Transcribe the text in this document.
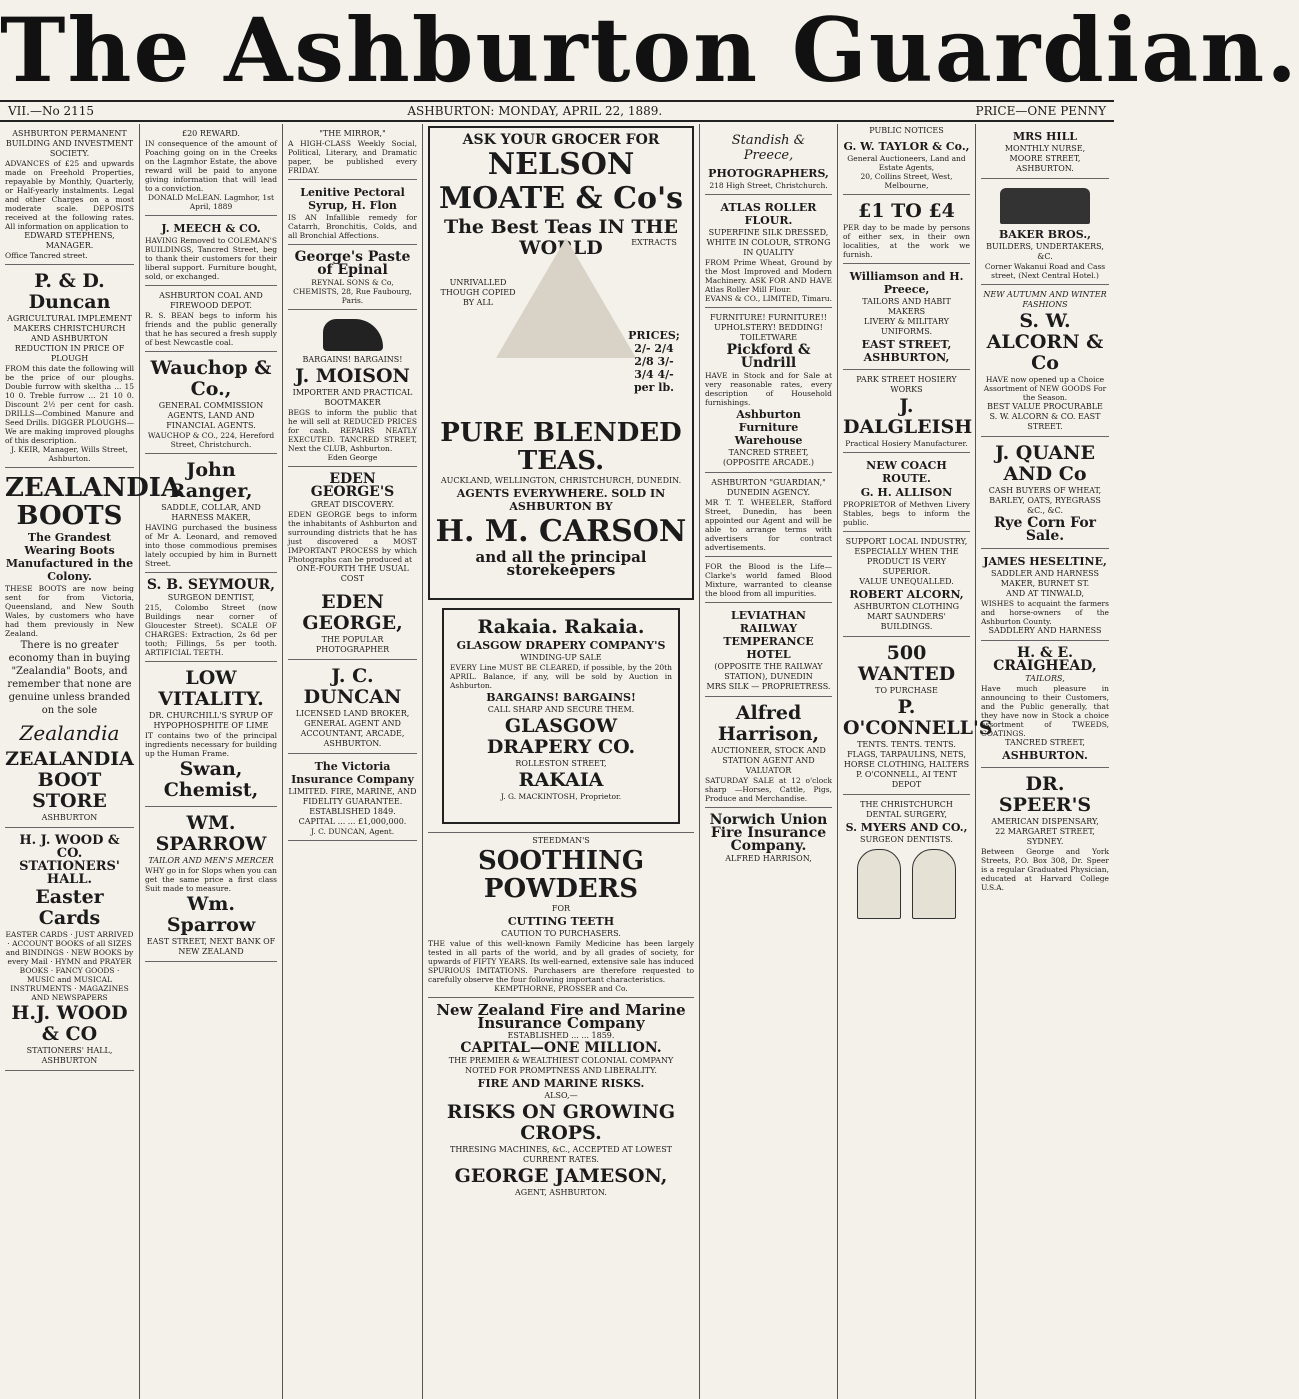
The Ashburton Guardian.
VII.—No 2115	ASHBURTON: MONDAY, APRIL 22, 1889.	PRICE—ONE PENNY
ASHBURTON PERMANENT BUILDING AND INVESTMENT SOCIETY.
ADVANCES of £25 and upwards made on Freehold Properties, repayable by Monthly, Quarterly, or Half-yearly instalments. Legal and other Charges on a most moderate scale. DEPOSITS received at the following rates. All information on application to
EDWARD STEPHENS, MANAGER.
Office Tancred street.
P. & D. Duncan
AGRICULTURAL IMPLEMENT MAKERS CHRISTCHURCH AND ASHBURTON
REDUCTION IN PRICE OF PLOUGH
FROM this date the following will be the price of our ploughs. Double furrow with skeltha ... 15 10 0. Treble furrow ... 21 10 0. Discount 2½ per cent for cash. DRILLS—Combined Manure and Seed Drills. DIGGER PLOUGHS—We are making improved ploughs of this description.
J. KEIR, Manager, Wills Street, Ashburton.
ZEALANDIA BOOTS
The Grandest Wearing Boots Manufactured in the Colony.
THESE BOOTS are now being sent for from Victoria, Queensland, and New South Wales, by customers who have had them previously in New Zealand.
There is no greater economy than in buying "Zealandia" Boots, and remember that none are genuine unless branded on the sole
Zealandia
ZEALANDIA BOOT STORE
ASHBURTON
H. J. WOOD & CO. STATIONERS' HALL.
Easter Cards
EASTER CARDS · JUST ARRIVED · ACCOUNT BOOKS of all SIZES and BINDINGS · NEW BOOKS by every Mail · HYMN and PRAYER BOOKS · FANCY GOODS · MUSIC and MUSICAL INSTRUMENTS · MAGAZINES AND NEWSPAPERS
H.J. WOOD & CO
STATIONERS' HALL,
ASHBURTON
£20 REWARD.
IN consequence of the amount of Poaching going on in the Creeks on the Lagmhor Estate, the above reward will be paid to anyone giving information that will lead to a conviction.
DONALD McLEAN. Lagmhor, 1st April, 1889
J. MEECH & CO.
HAVING Removed to COLEMAN'S BUILDINGS, Tancred Street, beg to thank their customers for their liberal support. Furniture bought, sold, or exchanged.
ASHBURTON COAL AND FIREWOOD DEPOT.
R. S. BEAN begs to inform his friends and the public generally that he has secured a fresh supply of best Newcastle coal.
Wauchop & Co.,
GENERAL COMMISSION AGENTS, LAND AND FINANCIAL AGENTS.
WAUCHOP & CO., 224, Hereford Street, Christchurch.
John Ranger,
SADDLE, COLLAR, AND HARNESS MAKER,
HAVING purchased the business of Mr A. Leonard, and removed into those commodious premises lately occupied by him in Burnett Street.
S. B. SEYMOUR,
SURGEON DENTIST,
215, Colombo Street (now Buildings near corner of Gloucester Street). SCALE OF CHARGES: Extraction, 2s 6d per tooth; Fillings, 5s per tooth. ARTIFICIAL TEETH.
LOW VITALITY.
DR. CHURCHILL'S SYRUP OF HYPOPHOSPHITE OF LIME
IT contains two of the principal ingredients necessary for building up the Human Frame.
Swan, Chemist,
WM. SPARROW
TAILOR AND MEN'S MERCER
WHY go in for Slops when you can get the same price a first class Suit made to measure.
Wm. Sparrow
EAST STREET, NEXT BANK OF NEW ZEALAND
"THE MIRROR,"
A HIGH-CLASS Weekly Social, Political, Literary, and Dramatic paper, be published every FRIDAY.
Lenitive Pectoral Syrup, H. Flon
IS AN Infallible remedy for Catarrh, Bronchitis, Colds, and all Bronchial Affections.
George's Paste of Epinal
REYNAL SONS & Co, CHEMISTS, 28, Rue Faubourg, Paris.
BARGAINS! BARGAINS!
J. MOISON
IMPORTER AND PRACTICAL BOOTMAKER
BEGS to inform the public that he will sell at REDUCED PRICES for cash. REPAIRS NEATLY EXECUTED. TANCRED STREET, Next the CLUB, Ashburton.
Eden George
EDEN GEORGE'S
GREAT DISCOVERY.
EDEN GEORGE begs to inform the inhabitants of Ashburton and surrounding districts that he has just discovered a MOST IMPORTANT PROCESS by which Photographs can be produced at
ONE-FOURTH THE USUAL COST
EDEN GEORGE,
THE POPULAR PHOTOGRAPHER
J. C. DUNCAN
LICENSED LAND BROKER, GENERAL AGENT AND ACCOUNTANT, ARCADE, ASHBURTON.
The Victoria Insurance Company
LIMITED. FIRE, MARINE, AND FIDELITY GUARANTEE.
ESTABLISHED 1849.
CAPITAL ... ... £1,000,000.
J. C. DUNCAN, Agent.
ASK YOUR GROCER FOR
NELSON MOATE & Co's
The Best Teas IN THE WORLD
UNRIVALLED THOUGH COPIED BY ALL
EXTRACTS
PRICES; 2/- 2/4 2/8 3/- 3/4 4/- per lb.
PURE BLENDED TEAS.
AUCKLAND, WELLINGTON, CHRISTCHURCH, DUNEDIN.
AGENTS EVERYWHERE. SOLD IN ASHBURTON BY
H. M. CARSON
and all the principal storekeepers
Rakaia. Rakaia.
GLASGOW DRAPERY COMPANY'S
WINDING-UP SALE
EVERY Line MUST BE CLEARED, if possible, by the 20th APRIL. Balance, if any, will be sold by Auction in Ashburton.
BARGAINS! BARGAINS!
CALL SHARP AND SECURE THEM.
GLASGOW DRAPERY CO.
ROLLESTON STREET,
RAKAIA
J. G. MACKINTOSH, Proprietor.
STEEDMAN'S
SOOTHING POWDERS
FOR
CUTTING TEETH
CAUTION TO PURCHASERS.
THE value of this well-known Family Medicine has been largely tested in all parts of the world, and by all grades of society, for upwards of FIFTY YEARS. Its well-earned, extensive sale has induced SPURIOUS IMITATIONS. Purchasers are therefore requested to carefully observe the four following important characteristics.
KEMPTHORNE, PROSSER and Co.
New Zealand Fire and Marine Insurance Company
ESTABLISHED ... ... 1859.
CAPITAL—ONE MILLION.
THE PREMIER & WEALTHIEST COLONIAL COMPANY
NOTED FOR PROMPTNESS AND LIBERALITY.
FIRE AND MARINE RISKS.
ALSO,—
RISKS ON GROWING CROPS.
THRESING MACHINES, &C., ACCEPTED AT LOWEST CURRENT RATES.
GEORGE JAMESON,
AGENT, ASHBURTON.
Standish & Preece,
PHOTOGRAPHERS,
218 High Street, Christchurch.
ATLAS ROLLER FLOUR.
SUPERFINE SILK DRESSED, WHITE IN COLOUR, STRONG IN QUALITY
FROM Prime Wheat, Ground by the Most Improved and Modern Machinery. ASK FOR AND HAVE Atlas Roller Mill Flour.
EVANS & CO., LIMITED, Timaru.
FURNITURE! FURNITURE!! UPHOLSTERY! BEDDING! TOILETWARE
Pickford & Undrill
HAVE in Stock and for Sale at very reasonable rates, every description of Household furnishings.
Ashburton Furniture Warehouse
TANCRED STREET, (OPPOSITE ARCADE.)
ASHBURTON "GUARDIAN," DUNEDIN AGENCY.
MR T. T. WHEELER, Stafford Street, Dunedin, has been appointed our Agent and will be able to arrange terms with advertisers for contract advertisements.
FOR the Blood is the Life—Clarke's world famed Blood Mixture, warranted to cleanse the blood from all impurities.
LEVIATHAN RAILWAY TEMPERANCE HOTEL
(OPPOSITE THE RAILWAY STATION), DUNEDIN
MRS SILK — PROPRIETRESS.
Alfred Harrison,
AUCTIONEER, STOCK AND STATION AGENT AND VALUATOR
SATURDAY SALE at 12 o'clock sharp —Horses, Cattle, Pigs, Produce and Merchandise.
Norwich Union Fire Insurance Company.
ALFRED HARRISON,
PUBLIC NOTICES
G. W. TAYLOR & Co.,
General Auctioneers, Land and Estate Agents,
20, Collins Street, West, Melbourne,
£1 TO £4
PER day to be made by persons of either sex, in their own localities, at the work we furnish.
Williamson and H. Preece,
TAILORS AND HABIT MAKERS
LIVERY & MILITARY UNIFORMS.
EAST STREET, ASHBURTON,
PARK STREET HOSIERY WORKS
J. DALGLEISH
Practical Hosiery Manufacturer.
NEW COACH ROUTE.
G. H. ALLISON
PROPRIETOR of Methven Livery Stables, begs to inform the public.
SUPPORT LOCAL INDUSTRY,
ESPECIALLY WHEN THE PRODUCT IS VERY SUPERIOR.
VALUE UNEQUALLED.
ROBERT ALCORN,
ASHBURTON CLOTHING MART SAUNDERS' BUILDINGS.
500 WANTED
TO PURCHASE
P. O'CONNELL'S
TENTS. TENTS. TENTS. FLAGS, TARPAULINS, NETS, HORSE CLOTHING, HALTERS
P. O'CONNELL, AI TENT DEPOT
THE CHRISTCHURCH DENTAL SURGERY,
S. MYERS AND CO.,
SURGEON DENTISTS.
MRS HILL
MONTHLY NURSE,
MOORE STREET, ASHBURTON.
BAKER BROS.,
BUILDERS, UNDERTAKERS, &C.
Corner Wakanui Road and Cass street, (Next Central Hotel.)
NEW AUTUMN AND WINTER FASHIONS
S. W. ALCORN & Co
HAVE now opened up a Choice Assortment of NEW GOODS For the Season.
BEST VALUE PROCURABLE
S. W. ALCORN & CO. EAST STREET.
J. QUANE AND Co
CASH BUYERS OF WHEAT, BARLEY, OATS, RYEGRASS &C., &C.
Rye Corn For Sale.
JAMES HESELTINE,
SADDLER AND HARNESS MAKER, BURNET ST.
AND AT TINWALD,
WISHES to acquaint the farmers and horse-owners of the Ashburton County.
SADDLERY AND HARNESS
H. & E. CRAIGHEAD,
TAILORS,
Have much pleasure in announcing to their Customers, and the Public generally, that they have now in Stock a choice assortment of TWEEDS, COATINGS.
TANCRED STREET,
ASHBURTON.
DR. SPEER'S
AMERICAN DISPENSARY,
22 MARGARET STREET, SYDNEY.
Between George and York Streets, P.O. Box 308, Dr. Speer is a regular Graduated Physician, educated at Harvard College U.S.A.
